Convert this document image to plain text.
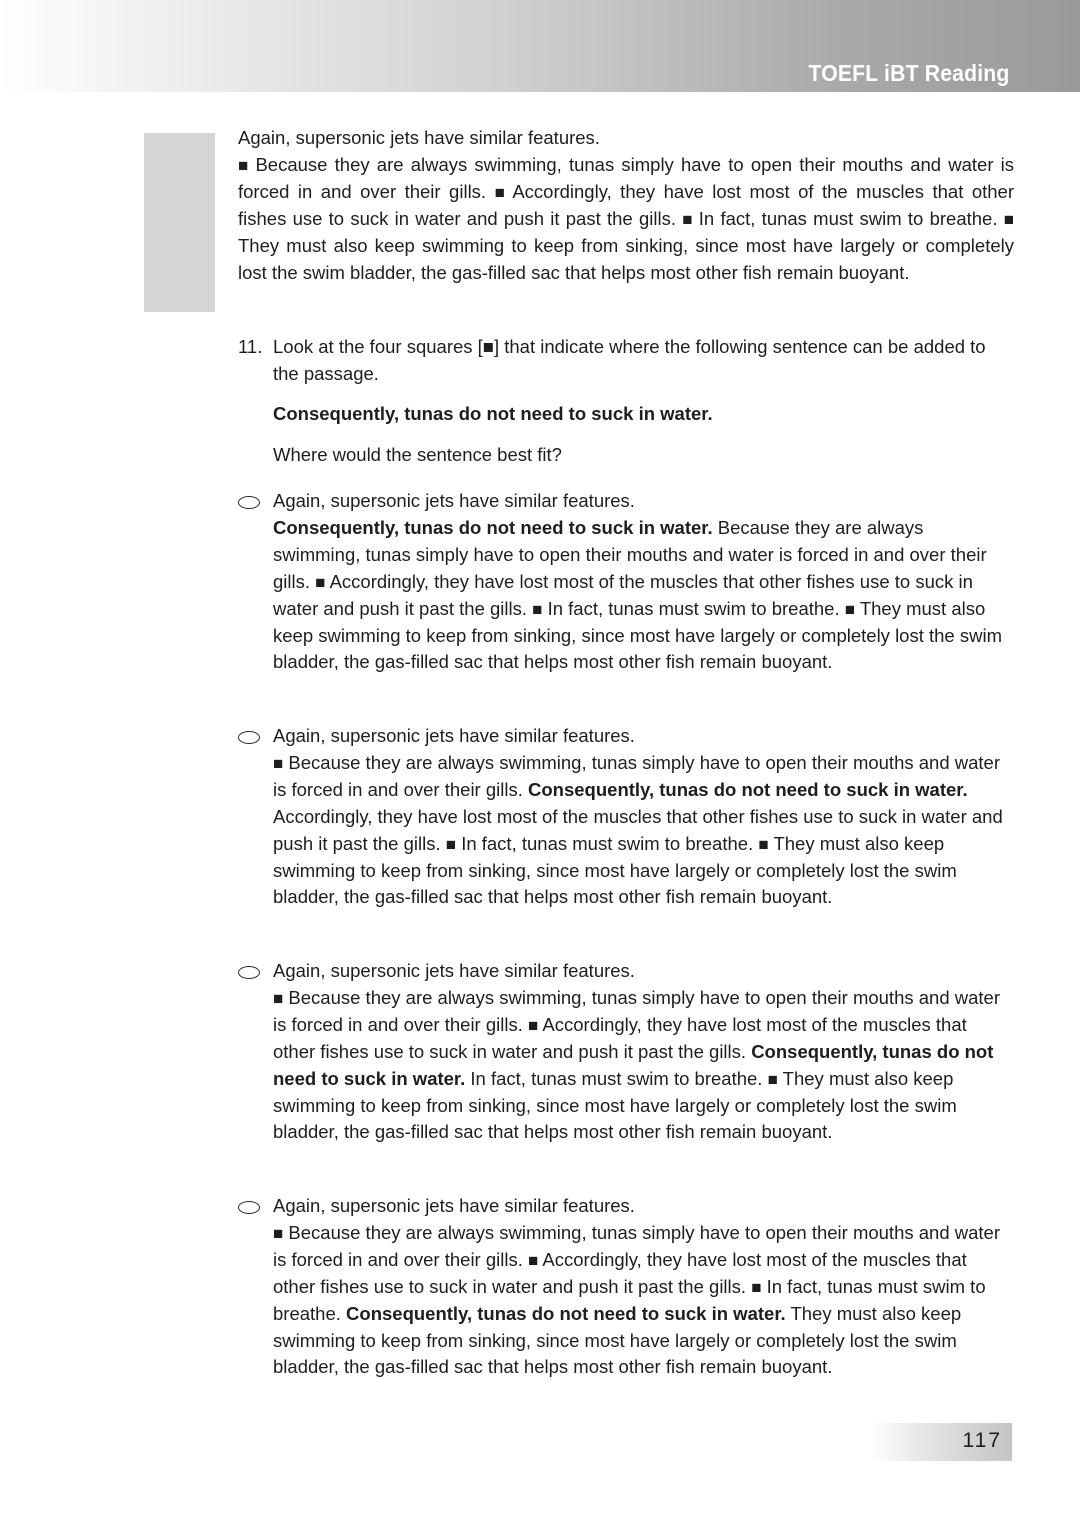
TOEFL iBT Reading

Again, supersonic jets have similar features.

■ Because they are always swimming, tunas simply have to open their mouths and water is forced in and over their gills. ■ Accordingly, they have lost most of the muscles that other fishes use to suck in water and push it past the gills. ■ In fact, tunas must swim to breathe. ■ They must also keep swimming to keep from sinking, since most have largely or completely lost the swim bladder, the gas-filled sac that helps most other fish remain buoyant.

11. Look at the four squares [■] that indicate where the following sentence can be added to the passage.

Consequently, tunas do not need to suck in water.

Where would the sentence best fit?

Again, supersonic jets have similar features.

Consequently, tunas do not need to suck in water. Because they are always swimming, tunas simply have to open their mouths and water is forced in and over their gills. ■ Accordingly, they have lost most of the muscles that other fishes use to suck in water and push it past the gills. ■ In fact, tunas must swim to breathe. ■ They must also keep swimming to keep from sinking, since most have largely or completely lost the swim bladder, the gas-filled sac that helps most other fish remain buoyant.

Again, supersonic jets have similar features.

■ Because they are always swimming, tunas simply have to open their mouths and water is forced in and over their gills. Consequently, tunas do not need to suck in water. Accordingly, they have lost most of the muscles that other fishes use to suck in water and push it past the gills. ■ In fact, tunas must swim to breathe. ■ They must also keep swimming to keep from sinking, since most have largely or completely lost the swim bladder, the gas-filled sac that helps most other fish remain buoyant.

Again, supersonic jets have similar features.

■ Because they are always swimming, tunas simply have to open their mouths and water is forced in and over their gills. ■ Accordingly, they have lost most of the muscles that other fishes use to suck in water and push it past the gills. Consequently, tunas do not need to suck in water. In fact, tunas must swim to breathe. ■ They must also keep swimming to keep from sinking, since most have largely or completely lost the swim bladder, the gas-filled sac that helps most other fish remain buoyant.

Again, supersonic jets have similar features.

■ Because they are always swimming, tunas simply have to open their mouths and water is forced in and over their gills. ■ Accordingly, they have lost most of the muscles that other fishes use to suck in water and push it past the gills. ■ In fact, tunas must swim to breathe. Consequently, tunas do not need to suck in water. They must also keep swimming to keep from sinking, since most have largely or completely lost the swim bladder, the gas-filled sac that helps most other fish remain buoyant.

117
